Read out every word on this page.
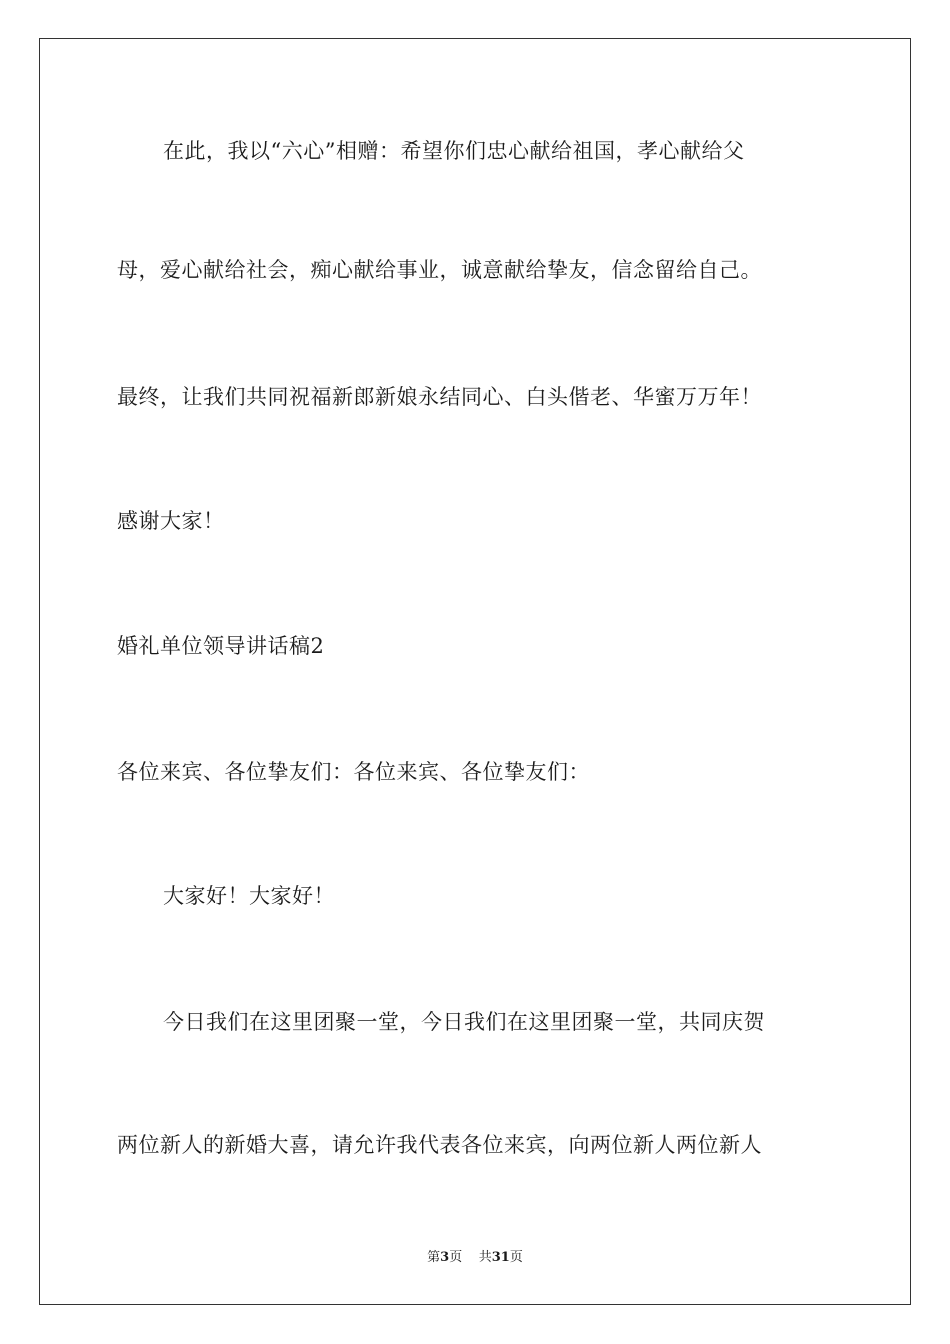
在此，我以“六心”相赠：希望你们忠心献给祖国，孝心献给父
母，爱心献给社会，痴心献给事业，诚意献给挚友，信念留给自己。
最终，让我们共同祝福新郎新娘永结同心、白头偕老、华蜜万万年！
感谢大家！
婚礼单位领导讲话稿2
各位来宾、各位挚友们：各位来宾、各位挚友们：
大家好！大家好！
今日我们在这里团聚一堂，今日我们在这里团聚一堂，共同庆贺
两位新人的新婚大喜，请允许我代表各位来宾，向两位新人两位新人
第3页 共31页
